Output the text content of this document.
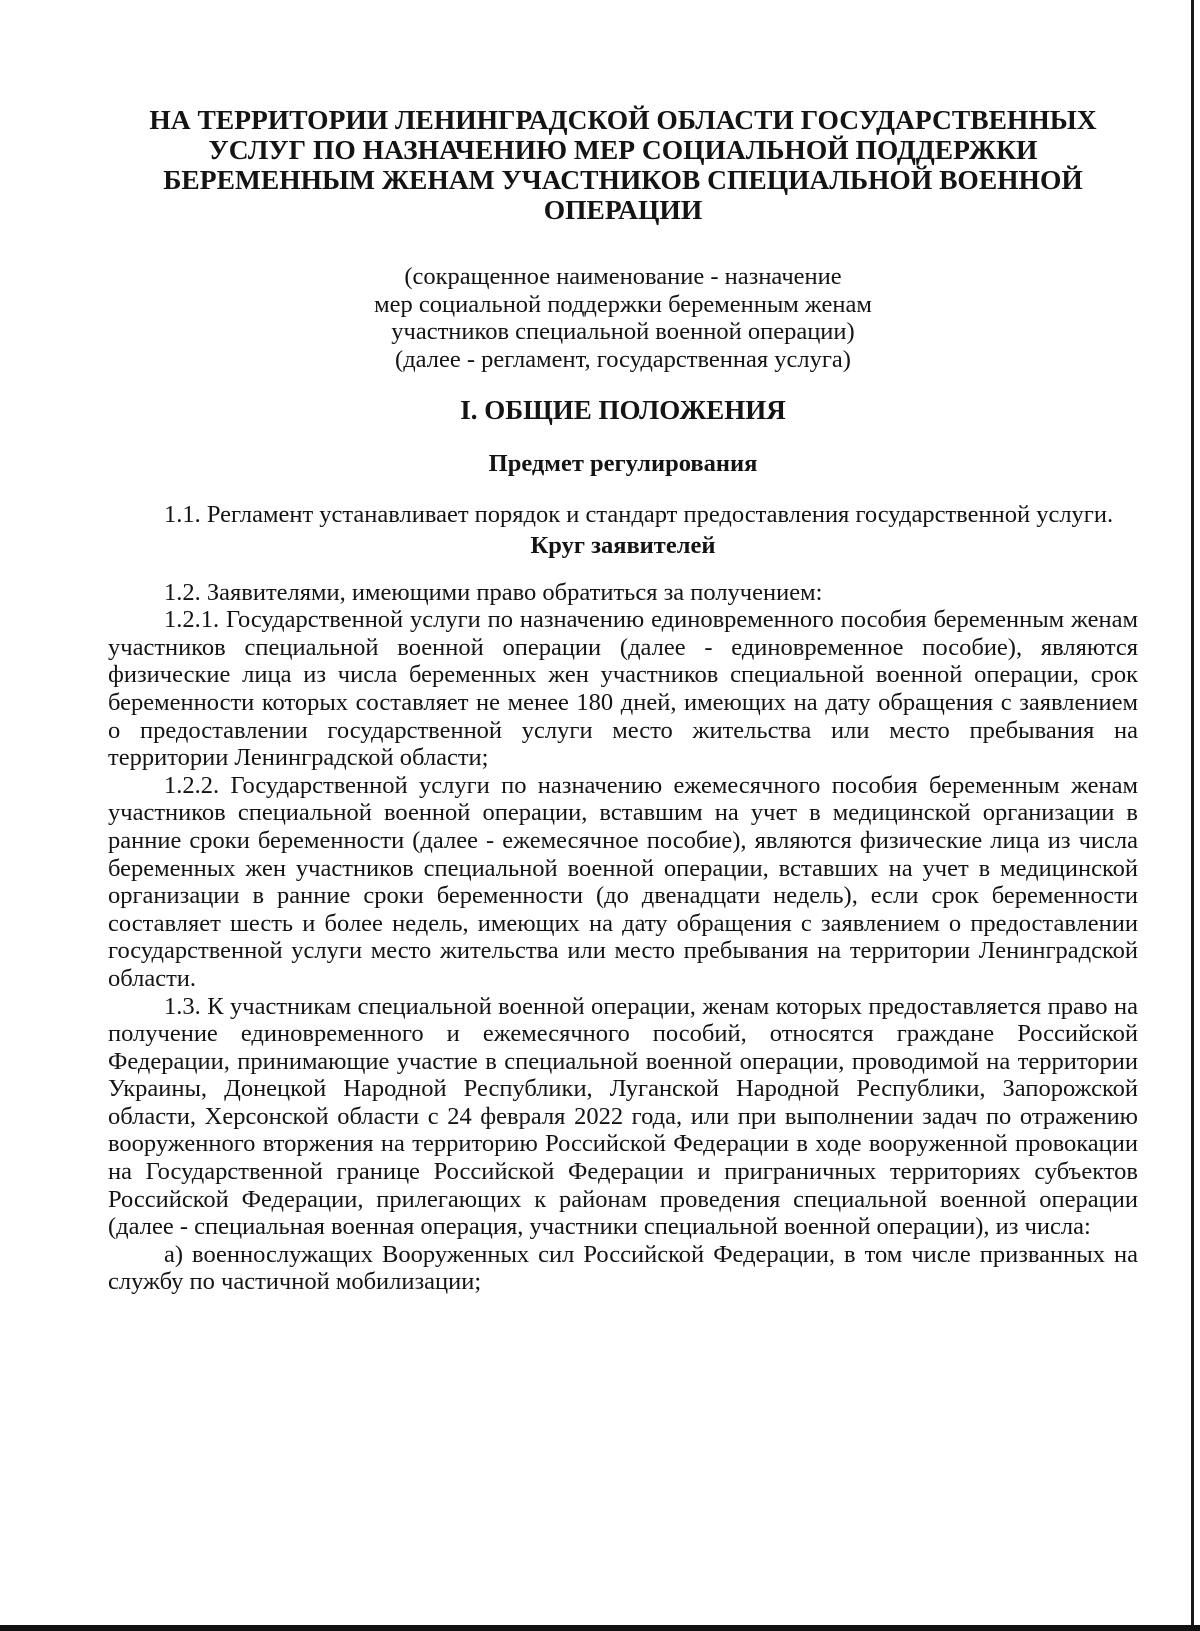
НА ТЕРРИТОРИИ ЛЕНИНГРАДСКОЙ ОБЛАСТИ ГОСУДАРСТВЕННЫХ
УСЛУГ ПО НАЗНАЧЕНИЮ МЕР СОЦИАЛЬНОЙ ПОДДЕРЖКИ
БЕРЕМЕННЫМ ЖЕНАМ УЧАСТНИКОВ СПЕЦИАЛЬНОЙ ВОЕННОЙ
ОПЕРАЦИИ

(сокращенное наименование - назначение
мер социальной поддержки беременным женам
участников специальной военной операции)
(далее - регламент, государственная услуга)

I. ОБЩИЕ ПОЛОЖЕНИЯ
Предмет регулирования

1.1. Регламент устанавливает порядок и стандарт предоставления государственной услуги.

Круг заявителей

1.2. Заявителями, имеющими право обратиться за получением:

1.2.1. Государственной услуги по назначению единовременного пособия беременным женам участников специальной военной операции (далее - единовременное пособие), являются физические лица из числа беременных жен участников специальной военной операции, срок беременности которых составляет не менее 180 дней, имеющих на дату обращения с заявлением о предоставлении государственной услуги место жительства или место пребывания на территории Ленинградской области;

1.2.2. Государственной услуги по назначению ежемесячного пособия беременным женам участников специальной военной операции, вставшим на учет в медицинской организации в ранние сроки беременности (далее - ежемесячное пособие), являются физические лица из числа беременных жен участников специальной военной операции, вставших на учет в медицинской организации в ранние сроки беременности (до двенадцати недель), если срок беременности составляет шесть и более недель, имеющих на дату обращения с заявлением о предоставлении государственной услуги место жительства или место пребывания на территории Ленинградской области.

1.3. К участникам специальной военной операции, женам которых предоставляется право на получение единовременного и ежемесячного пособий, относятся граждане Российской Федерации, принимающие участие в специальной военной операции, проводимой на территории Украины, Донецкой Народной Республики, Луганской Народной Республики, Запорожской области, Херсонской области с 24 февраля 2022 года, или при выполнении задач по отражению вооруженного вторжения на территорию Российской Федерации в ходе вооруженной провокации на Государственной границе Российской Федерации и приграничных территориях субъектов Российской Федерации, прилегающих к районам проведения специальной военной операции (далее - специальная военная операция, участники специальной военной операции), из числа:

а) военнослужащих Вооруженных сил Российской Федерации, в том числе призванных на службу по частичной мобилизации;
